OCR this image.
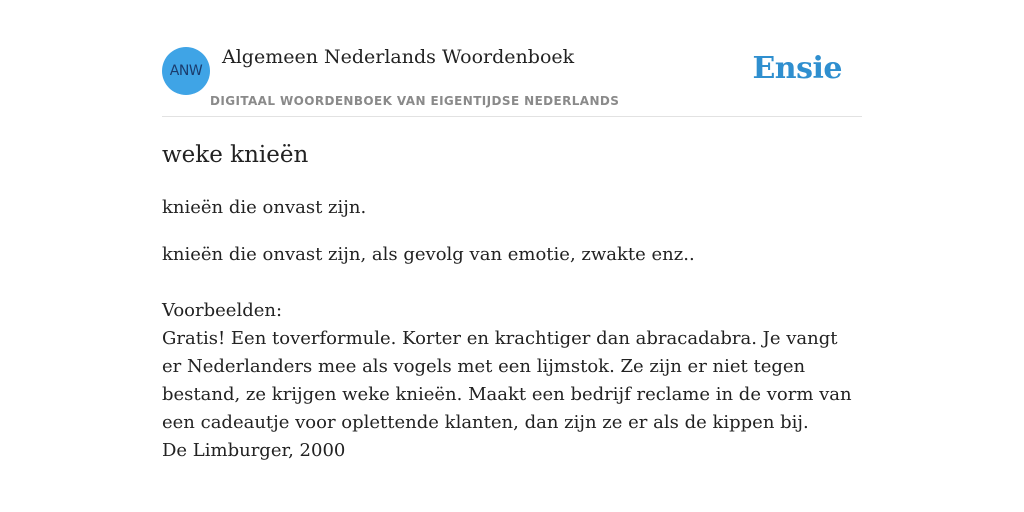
ANW
Algemeen Nederlands Woordenboek
DIGITAAL WOORDENBOEK VAN EIGENTIJDSE NEDERLANDS
Ensie
weke knieën

knieën die onvast zijn.

knieën die onvast zijn, als gevolg van emotie, zwakte enz..

Voorbeelden:

Gratis! Een toverformule. Korter en krachtiger dan abracadabra. Je vangt er Nederlanders mee als vogels met een lijmstok. Ze zijn er niet tegen bestand, ze krijgen weke knieën. Maakt een bedrijf reclame in de vorm van een cadeautje voor oplettende klanten, dan zijn ze er als de kippen bij.

De Limburger, 2000
